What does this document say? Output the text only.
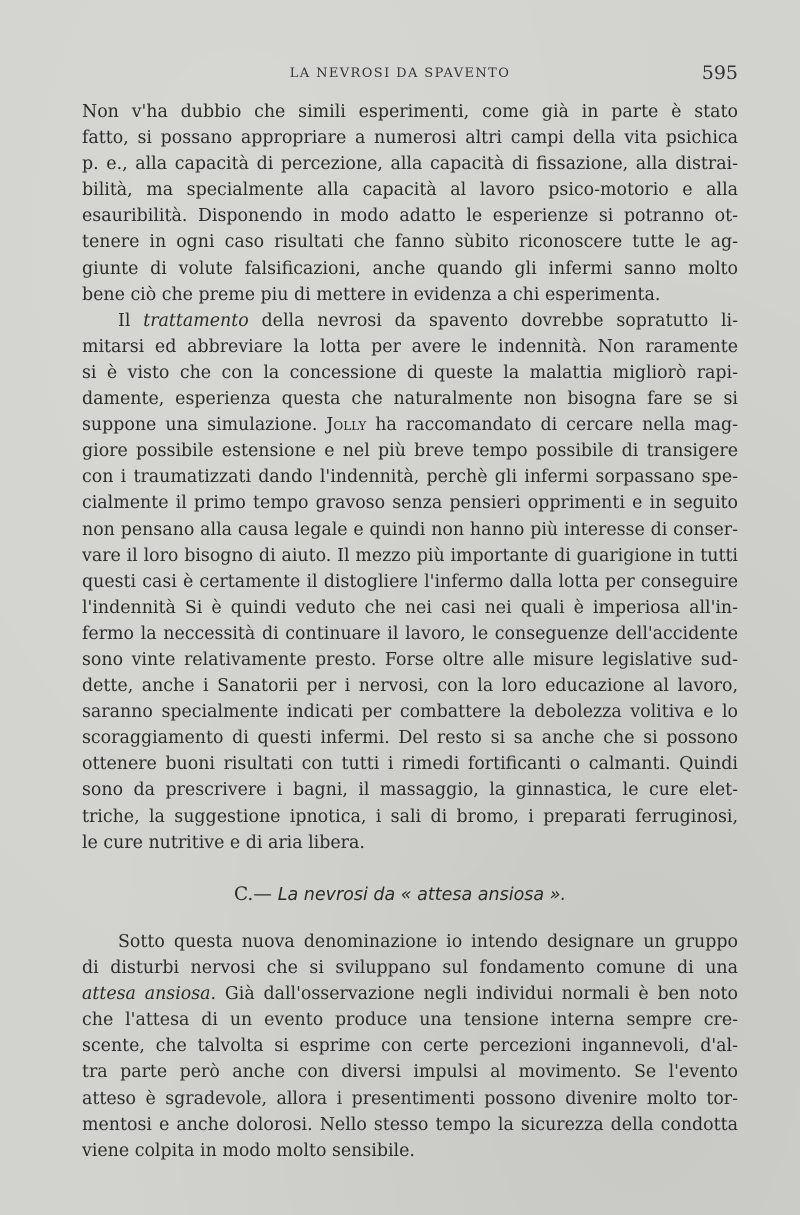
LA NEVROSI DA SPAVENTO	595
Non v'ha dubbio che simili esperimenti, come già in parte è stato
fatto, si possano appropriare a numerosi altri campi della vita psichica
p. e., alla capacità di percezione, alla capacità di fissazione, alla distrai-
bilità, ma specialmente alla capacità al lavoro psico-motorio e alla
esauribilità. Disponendo in modo adatto le esperienze si potranno ot-
tenere in ogni caso risultati che fanno sùbito riconoscere tutte le ag-
giunte di volute falsificazioni, anche quando gli infermi sanno molto
bene ciò che preme piu di mettere in evidenza a chi esperimenta.
Il trattamento della nevrosi da spavento dovrebbe sopratutto li-
mitarsi ed abbreviare la lotta per avere le indennità. Non raramente
si è visto che con la concessione di queste la malattia migliorò rapi-
damente, esperienza questa che naturalmente non bisogna fare se si
suppone una simulazione. Jolly ha raccomandato di cercare nella mag-
giore possibile estensione e nel più breve tempo possibile di transigere
con i traumatizzati dando l'indennità, perchè gli infermi sorpassano spe-
cialmente il primo tempo gravoso senza pensieri opprimenti e in seguito
non pensano alla causa legale e quindi non hanno più interesse di conser-
vare il loro bisogno di aiuto. Il mezzo più importante di guarigione in tutti
questi casi è certamente il distogliere l'infermo dalla lotta per conseguire
l'indennità Si è quindi veduto che nei casi nei quali è imperiosa all'in-
fermo la neccessità di continuare il lavoro, le conseguenze dell'accidente
sono vinte relativamente presto. Forse oltre alle misure legislative sud-
dette, anche i Sanatorii per i nervosi, con la loro educazione al lavoro,
saranno specialmente indicati per combattere la debolezza volitiva e lo
scoraggiamento di questi infermi. Del resto si sa anche che si possono
ottenere buoni risultati con tutti i rimedi fortificanti o calmanti. Quindi
sono da prescrivere i bagni, il massaggio, la ginnastica, le cure elet-
triche, la suggestione ipnotica, i sali di bromo, i preparati ferruginosi,
le cure nutritive e di aria libera.
C.— La nevrosi da « attesa ansiosa ».
Sotto questa nuova denominazione io intendo designare un gruppo
di disturbi nervosi che si sviluppano sul fondamento comune di una
attesa ansiosa. Già dall'osservazione negli individui normali è ben noto
che l'attesa di un evento produce una tensione interna sempre cre-
scente, che talvolta si esprime con certe percezioni ingannevoli, d'al-
tra parte però anche con diversi impulsi al movimento. Se l'evento
atteso è sgradevole, allora i presentimenti possono divenire molto tor-
mentosi e anche dolorosi. Nello stesso tempo la sicurezza della condotta
viene colpita in modo molto sensibile.
